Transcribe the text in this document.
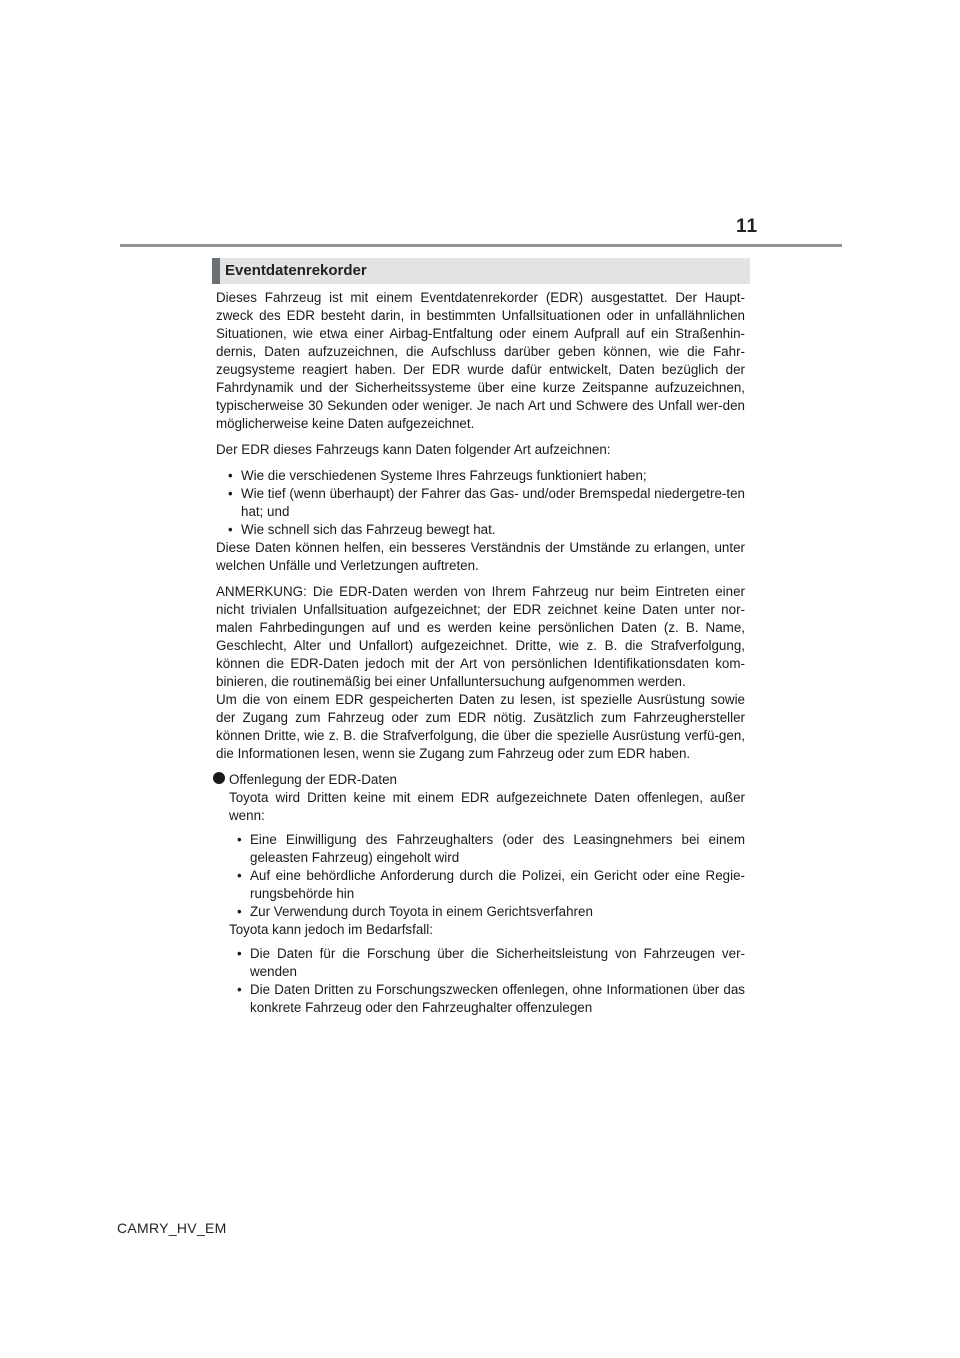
11
Eventdatenrekorder

Dieses Fahrzeug ist mit einem Eventdatenrekorder (EDR) ausgestattet. Der Haupt-zweck des EDR besteht darin, in bestimmten Unfallsituationen oder in unfallähnlichen Situationen, wie etwa einer Airbag-Entfaltung oder einem Aufprall auf ein Straßenhin-dernis, Daten aufzuzeichnen, die Aufschluss darüber geben können, wie die Fahr-zeugsysteme reagiert haben. Der EDR wurde dafür entwickelt, Daten bezüglich der Fahrdynamik und der Sicherheitssysteme über eine kurze Zeitspanne aufzuzeichnen, typischerweise 30 Sekunden oder weniger. Je nach Art und Schwere des Unfall wer-den möglicherweise keine Daten aufgezeichnet.

Der EDR dieses Fahrzeugs kann Daten folgender Art aufzeichnen:

• Wie die verschiedenen Systeme Ihres Fahrzeugs funktioniert haben;
• Wie tief (wenn überhaupt) der Fahrer das Gas- und/oder Bremspedal niedergetre-ten hat; und
• Wie schnell sich das Fahrzeug bewegt hat.

Diese Daten können helfen, ein besseres Verständnis der Umstände zu erlangen, unter welchen Unfälle und Verletzungen auftreten.

ANMERKUNG: Die EDR-Daten werden von Ihrem Fahrzeug nur beim Eintreten einer nicht trivialen Unfallsituation aufgezeichnet; der EDR zeichnet keine Daten unter nor-malen Fahrbedingungen auf und es werden keine persönlichen Daten (z. B. Name, Geschlecht, Alter und Unfallort) aufgezeichnet. Dritte, wie z. B. die Strafverfolgung, können die EDR-Daten jedoch mit der Art von persönlichen Identifikationsdaten kom-binieren, die routinemäßig bei einer Unfalluntersuchung aufgenommen werden.

Um die von einem EDR gespeicherten Daten zu lesen, ist spezielle Ausrüstung sowie der Zugang zum Fahrzeug oder zum EDR nötig. Zusätzlich zum Fahrzeughersteller können Dritte, wie z. B. die Strafverfolgung, die über die spezielle Ausrüstung verfü-gen, die Informationen lesen, wenn sie Zugang zum Fahrzeug oder zum EDR haben.

Offenlegung der EDR-Daten

Toyota wird Dritten keine mit einem EDR aufgezeichnete Daten offenlegen, außer wenn:

• Eine Einwilligung des Fahrzeughalters (oder des Leasingnehmers bei einem geleasten Fahrzeug) eingeholt wird
• Auf eine behördliche Anforderung durch die Polizei, ein Gericht oder eine Regie-rungsbehörde hin
• Zur Verwendung durch Toyota in einem Gerichtsverfahren

Toyota kann jedoch im Bedarfsfall:

• Die Daten für die Forschung über die Sicherheitsleistung von Fahrzeugen ver-wenden
• Die Daten Dritten zu Forschungszwecken offenlegen, ohne Informationen über das konkrete Fahrzeug oder den Fahrzeughalter offenzulegen
CAMRY_HV_EM
